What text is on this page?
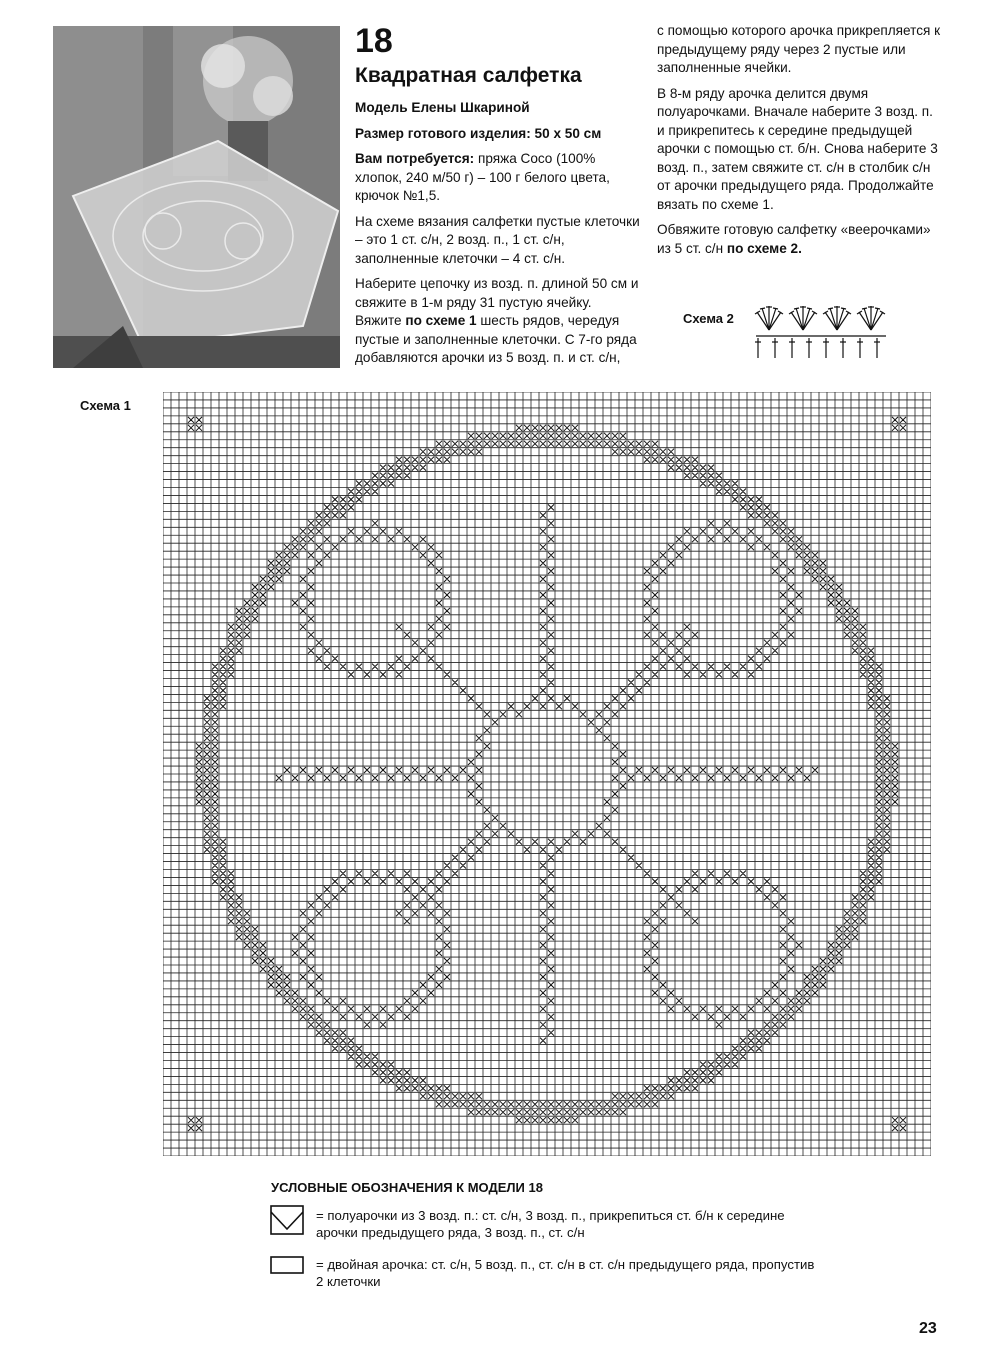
18
Квадратная салфетка

Модель Елены Шкариной

Размер готового изделия: 50 x 50 см

Вам потребуется: пряжа Coco (100% хлопок, 240 м/50 г) – 100 г белого цвета, крючок №1,5.

На схеме вязания салфетки пустые клеточки – это 1 ст. с/н, 2 возд. п., 1 ст. с/н, заполненные клеточки – 4 ст. с/н.

Наберите цепочку из возд. п. длиной 50 см и свяжите в 1-м ряду 31 пустую ячейку. Вяжите по схеме 1 шесть рядов, чередуя пустые и заполненные клеточки. С 7-го ряда добавляются арочки из 5 возд. п. и ст. с/н,

с помощью которого арочка прикрепляется к предыдущему ряду через 2 пустые или заполненные ячейки.

В 8-м ряду арочка делится двумя полуарочками. Вначале наберите 3 возд. п. и прикрепитесь к середине предыдущей арочки с помощью ст. б/н. Снова наберите 3 возд. п., затем свяжите ст. с/н в столбик с/н от арочки предыдущего ряда. Продолжайте вязать по схеме 1.

Обвяжите готовую салфетку «веерочками» из 5 ст. с/н по схеме 2.

Схема 2
Схема 1
УСЛОВНЫЕ ОБОЗНАЧЕНИЯ К МОДЕЛИ 18
= полуарочки из 3 возд. п.: ст. с/н, 3 возд. п., прикрепиться ст. б/н к середине арочки предыдущего ряда, 3 возд. п., ст. с/н
= двойная арочка: ст. с/н, 5 возд. п., ст. с/н в ст. с/н предыдущего ряда, пропустив 2 клеточки
23
